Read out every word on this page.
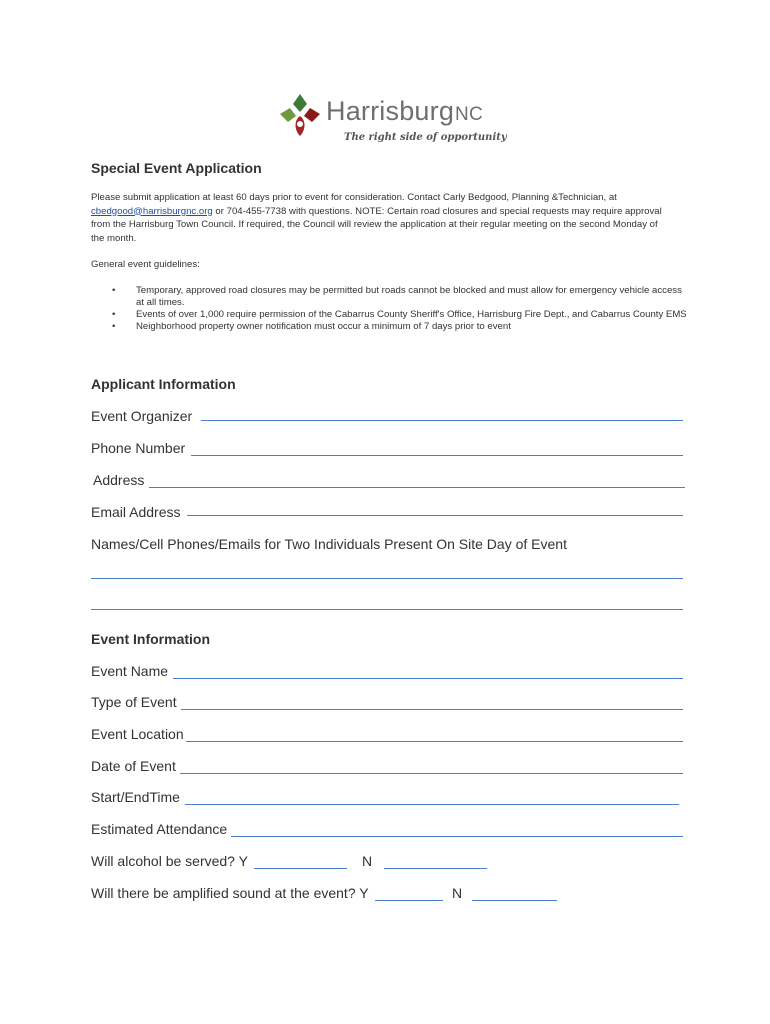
HarrisburgNC
The right side of opportunity
Special Event Application
Please submit application at least 60 days prior to event for consideration. Contact Carly Bedgood, Planning &Technician, at cbedgood@harrisburgnc.org or 704-455-7738 with questions. NOTE: Certain road closures and special requests may require approval from the Harrisburg Town Council. If required, the Council will review the application at their regular meeting on the second Monday of the month.
General event guidelines:
• Temporary, approved road closures may be permitted but roads cannot be blocked and must allow for emergency vehicle access at all times.
• Events of over 1,000 require permission of the Cabarrus County Sheriff's Office, Harrisburg Fire Dept., and Cabarrus County EMS
• Neighborhood property owner notification must occur a minimum of 7 days prior to event
Applicant Information
Event Organizer
Phone Number
Address
Email Address
Names/Cell Phones/Emails for Two Individuals Present On Site Day of Event
Event Information
Event Name
Type of Event
Event Location
Date of Event
Start/EndTime
Estimated Attendance
Will alcohol be served? Y	N
Will there be amplified sound at the event? Y	N
